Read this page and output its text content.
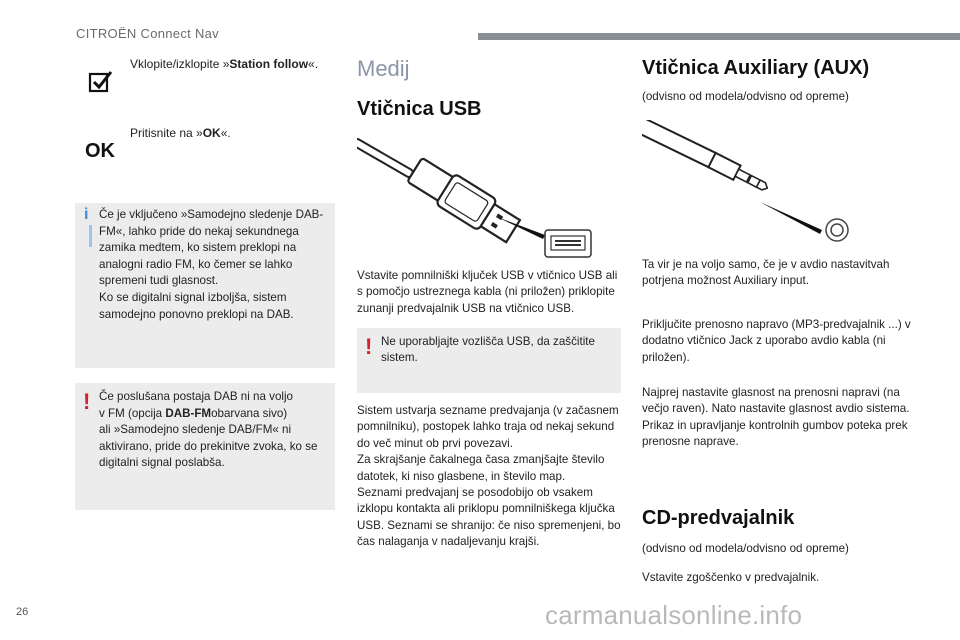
CITROËN Connect Nav
Vklopite/izklopite »Station follow«.
OK
Pritisnite na »OK«.
i Če je vključeno »Samodejno sledenje DAB-FM«, lahko pride do nekaj sekundnega zamika medtem, ko sistem preklopi na analogni radio FM, ko čemer se lahko spremeni tudi glasnost.
Ko se digitalni signal izboljša, sistem samodejno ponovno preklopi na DAB.
! Če poslušana postaja DAB ni na voljo
v FM (opcija DAB-FMobarvana sivo)
ali »Samodejno sledenje DAB/FM« ni aktivirano, pride do prekinitve zvoka, ko se digitalni signal poslabša.
Medij
Vtičnica USB
Vstavite pomnilniški ključek USB v vtičnico USB ali s pomočjo ustreznega kabla (ni priložen) priklopite zunanji predvajalnik USB na vtičnico USB.
! Ne uporabljajte vozlišča USB, da zaščitite sistem.
Sistem ustvarja sezname predvajanja (v začasnem pomnilniku), postopek lahko traja od nekaj sekund do več minut ob prvi povezavi.
Za skrajšanje čakalnega časa zmanjšajte število datotek, ki niso glasbene, in število map.
Seznami predvajanj se posodobijo ob vsakem izklopu kontakta ali priklopu pomnilniškega ključka USB. Seznami se shranijo: če niso spremenjeni, bo čas nalaganja v nadaljevanju krajši.
Vtičnica Auxiliary (AUX)
(odvisno od modela/odvisno od opreme)
Ta vir je na voljo samo, če je v avdio nastavitvah potrjena možnost Auxiliary input.
Priključite prenosno napravo (MP3-predvajalnik ...) v dodatno vtičnico Jack z uporabo avdio kabla (ni priložen).
Najprej nastavite glasnost na prenosni napravi (na večjo raven). Nato nastavite glasnost avdio sistema.
Prikaz in upravljanje kontrolnih gumbov poteka prek prenosne naprave.
CD-predvajalnik
(odvisno od modela/odvisno od opreme)
Vstavite zgoščenko v predvajalnik.
26	carmanualsonline.info
